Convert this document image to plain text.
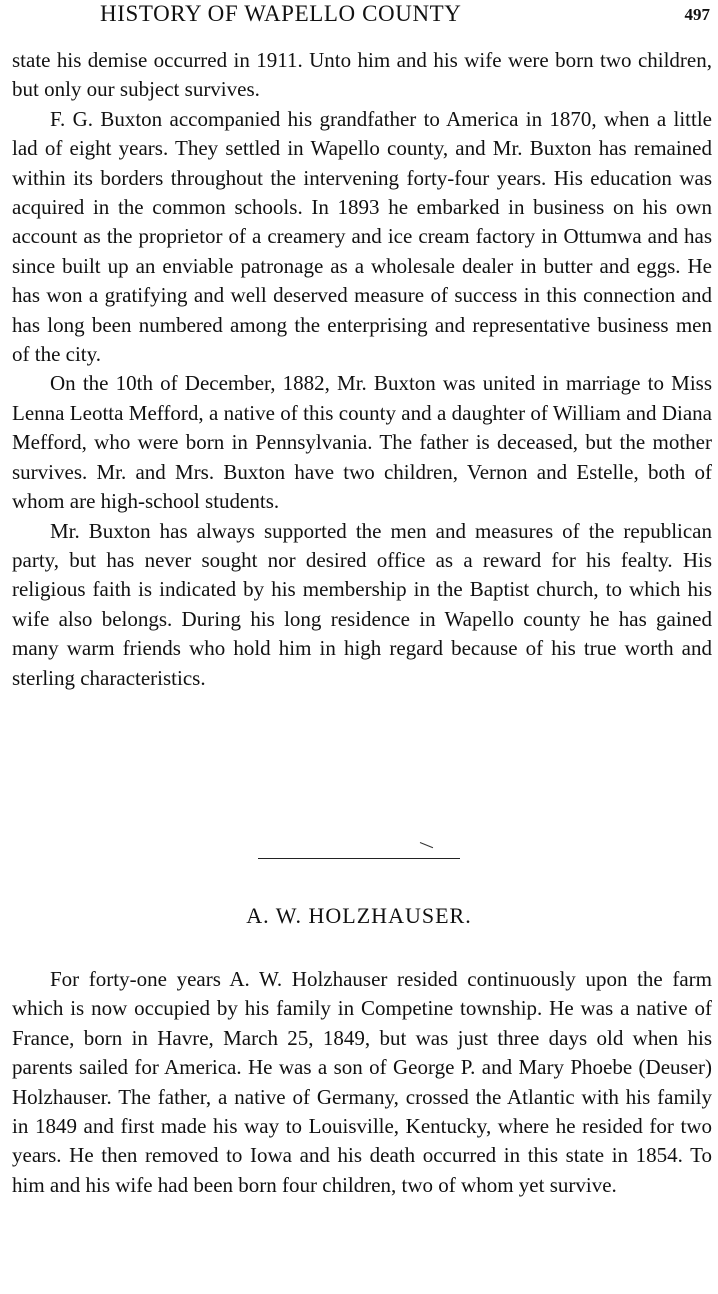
HISTORY OF WAPELLO COUNTY	497

state his demise occurred in 1911. Unto him and his wife were born two children, but only our subject survives.

F. G. Buxton accompanied his grandfather to America in 1870, when a little lad of eight years. They settled in Wapello county, and Mr. Buxton has remained within its borders throughout the intervening forty-four years. His education was acquired in the common schools. In 1893 he embarked in business on his own account as the proprietor of a creamery and ice cream factory in Ottumwa and has since built up an enviable patronage as a wholesale dealer in butter and eggs. He has won a gratifying and well deserved measure of success in this connection and has long been numbered among the enterprising and representative business men of the city.

On the 10th of December, 1882, Mr. Buxton was united in marriage to Miss Lenna Leotta Mefford, a native of this county and a daughter of William and Diana Mefford, who were born in Pennsylvania. The father is deceased, but the mother survives. Mr. and Mrs. Buxton have two children, Vernon and Estelle, both of whom are high-school students.

Mr. Buxton has always supported the men and measures of the republican party, but has never sought nor desired office as a reward for his fealty. His religious faith is indicated by his membership in the Baptist church, to which his wife also belongs. During his long residence in Wapello county he has gained many warm friends who hold him in high regard because of his true worth and sterling characteristics.

A. W. HOLZHAUSER.

For forty-one years A. W. Holzhauser resided continuously upon the farm which is now occupied by his family in Competine township. He was a native of France, born in Havre, March 25, 1849, but was just three days old when his parents sailed for America. He was a son of George P. and Mary Phoebe (Deuser) Holzhauser. The father, a native of Germany, crossed the Atlantic with his family in 1849 and first made his way to Louisville, Kentucky, where he resided for two years. He then removed to Iowa and his death occurred in this state in 1854. To him and his wife had been born four children, two of whom yet survive.
